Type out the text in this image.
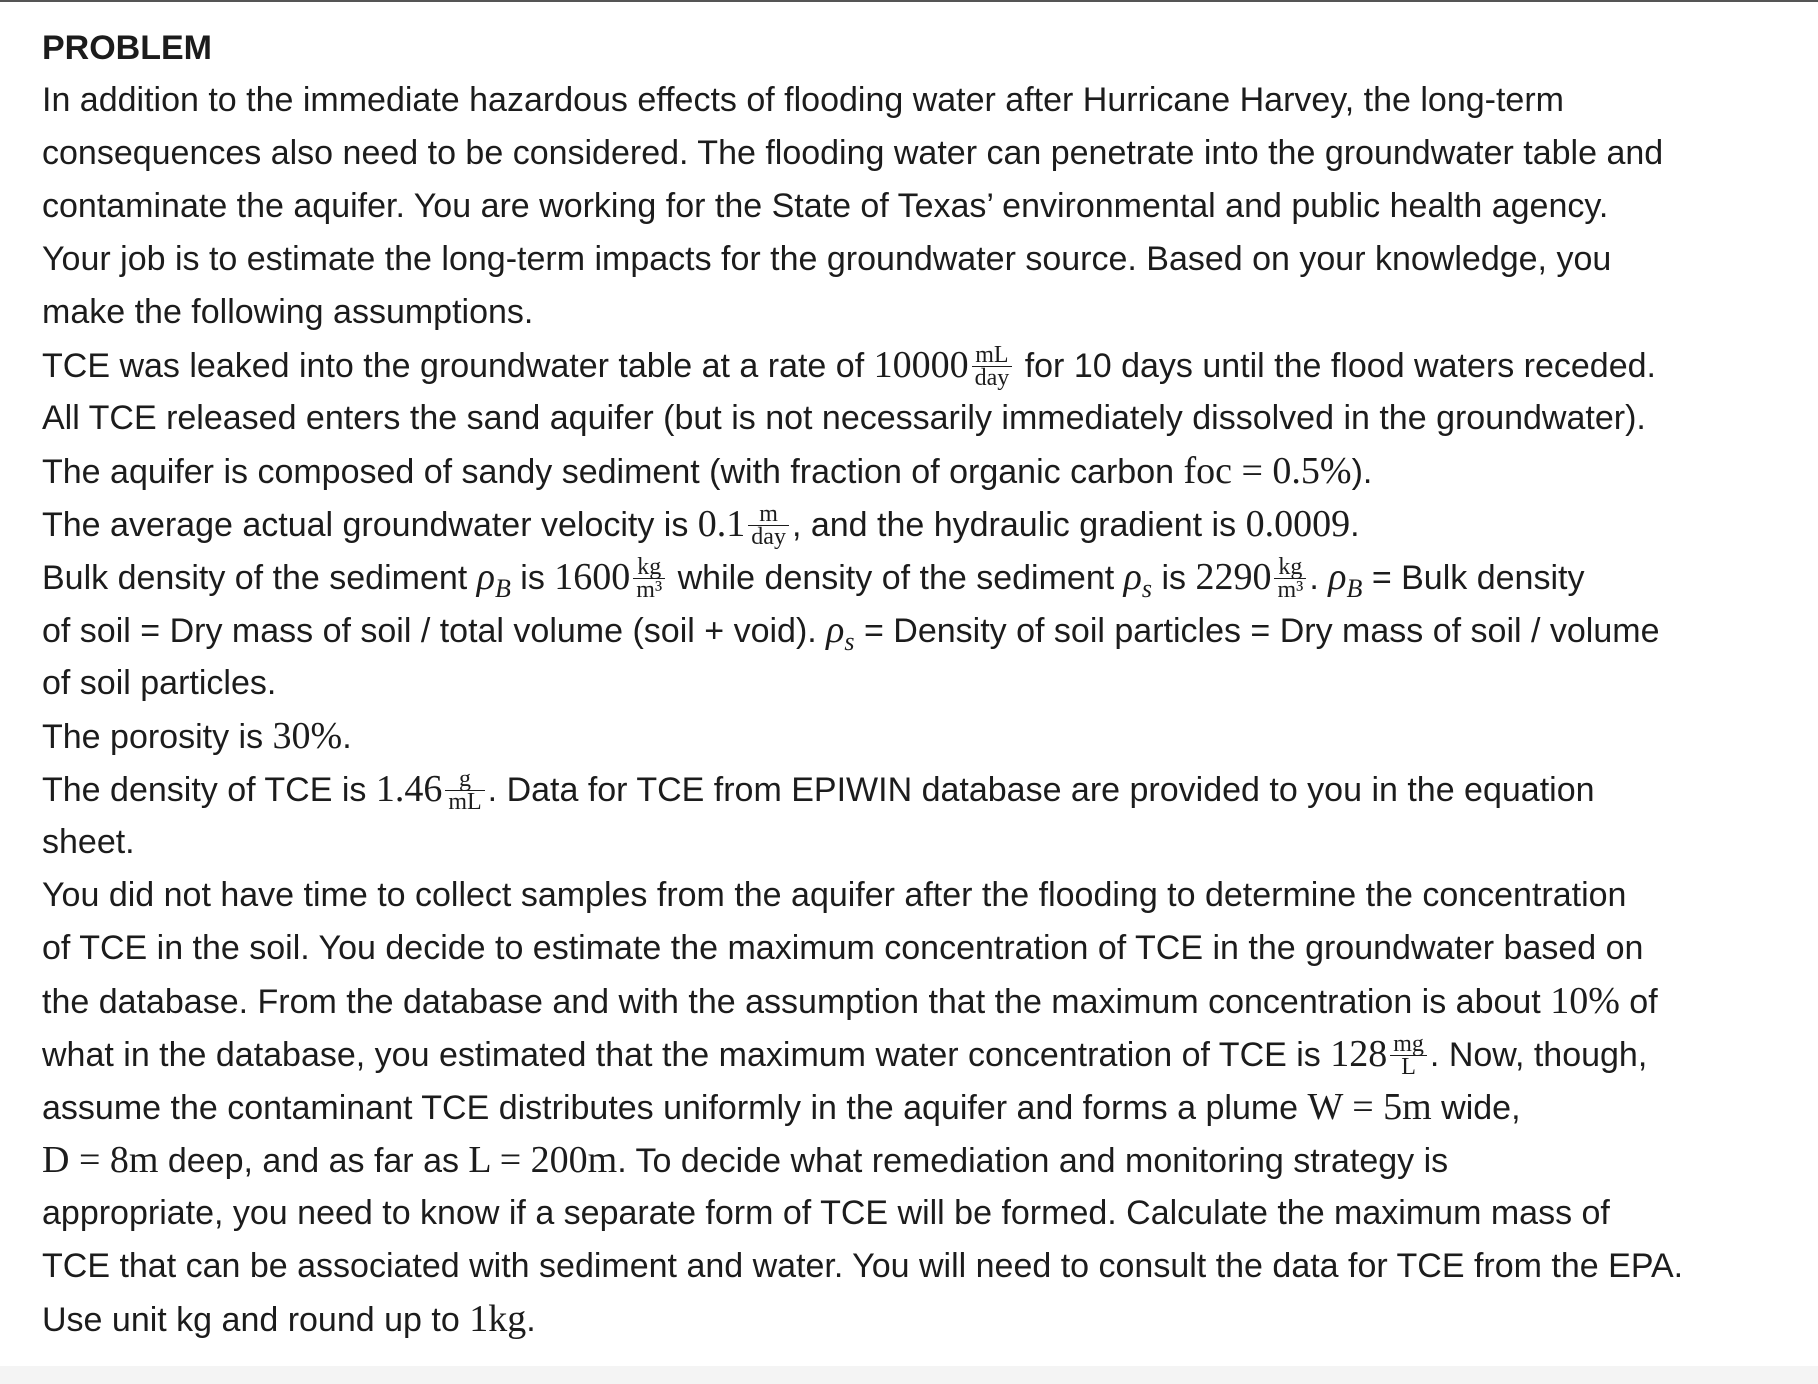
PROBLEM
In addition to the immediate hazardous effects of flooding water after Hurricane Harvey, the long-term
consequences also need to be considered. The flooding water can penetrate into the groundwater table and
contaminate the aquifer. You are working for the State of Texas’ environmental and public health agency.
Your job is to estimate the long-term impacts for the groundwater source. Based on your knowledge, you
make the following assumptions.
TCE was leaked into the groundwater table at a rate of $10000 \frac{mL}{\text{day}}$ for 10 days until the flood waters receded.
All TCE released enters the sand aquifer (but is not necessarily immediately dissolved in the groundwater).
The aquifer is composed of sandy sediment (with fraction of organic carbon foc = 0.5%).
The average actual groundwater velocity is $0.1 \frac{m}{\text{day}}$ , and the hydraulic gradient is 0.0009.
Bulk density of the sediment $\rho_B$ is $1600 \frac{kg}{\text{m³}}$ while density of the sediment $\rho_s$ is $2290 \frac{kg}{\text{m³}}$ . $\rho_B$ = Bulk density
of soil = Dry mass of soil / total volume (soil + void). $\rho_s$ = Density of soil particles = Dry mass of soil / volume
of soil particles.
The porosity is 30%.
The density of TCE is $1.46 \frac{g}{mL}$ . Data for TCE from EPIWIN database are provided to you in the equation
sheet.
You did not have time to collect samples from the aquifer after the flooding to determine the concentration
of TCE in the soil. You decide to estimate the maximum concentration of TCE in the groundwater based on
the database. From the database and with the assumption that the maximum concentration is about 10% of
what in the database, you estimated that the maximum water concentration of TCE is $128 \frac{mg}{L}$ . Now, though,
assume the contaminant TCE distributes uniformly in the aquifer and forms a plume W = 5m wide,
D = 8m deep, and as far as L = 200m. To decide what remediation and monitoring strategy is
appropriate, you need to know if a separate form of TCE will be formed. Calculate the maximum mass of
TCE that can be associated with sediment and water. You will need to consult the data for TCE from the EPA.
Use unit kg and round up to 1kg.
